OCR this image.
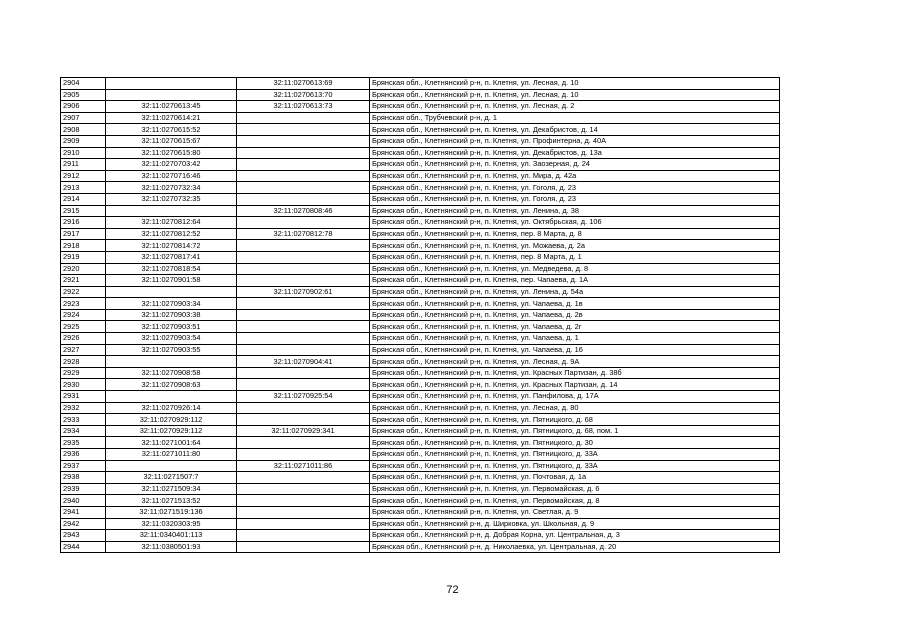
2904		32:11:0270613:69	Брянская обл., Клетнянский р-н, п. Клетня, ул. Лесная, д. 10
2905		32:11:0270613:70	Брянская обл., Клетнянский р-н, п. Клетня, ул. Лесная, д. 10
2906	32:11:0270613:45	32:11:0270613:73	Брянская обл., Клетнянский р-н, п. Клетня, ул. Лесная, д. 2
2907	32:11:0270614:21		Брянская обл., Трубчевский р-н, д. 1
2908	32:11:0270615:52		Брянская обл., Клетнянский р-н, п. Клетня, ул. Декабристов, д. 14
2909	32:11:0270615:67		Брянская обл., Клетнянский р-н, п. Клетня, ул. Профинтерна, д. 40А
2910	32:11:0270615:80		Брянская обл., Клетнянский р-н, п. Клетня, ул. Декабристов, д. 13а
2911	32:11:0270703:42		Брянская обл., Клетнянский р-н, п. Клетня, ул. Заозерная, д. 24
2912	32:11:0270716:46		Брянская обл., Клетнянский р-н, п. Клетня, ул. Мира, д. 42а
2913	32:11:0270732:34		Брянская обл., Клетнянский р-н, п. Клетня, ул. Гоголя, д. 23
2914	32:11:0270732:35		Брянская обл., Клетнянский р-н, п. Клетня, ул. Гоголя, д. 23
2915		32:11:0270808:46	Брянская обл., Клетнянский р-н, п. Клетня, ул. Ленина, д. 38
2916	32:11:0270812:64		Брянская обл., Клетнянский р-н, п. Клетня, ул. Октябрьская, д. 106
2917	32:11:0270812:52	32:11:0270812:78	Брянская обл., Клетнянский р-н, п. Клетня, пер. 8 Марта, д. 8
2918	32:11:0270814:72		Брянская обл., Клетнянский р-н, п. Клетня, ул. Можаева, д. 2а
2919	32:11:0270817:41		Брянская обл., Клетнянский р-н, п. Клетня, пер. 8 Марта, д. 1
2920	32:11:0270818:54		Брянская обл., Клетнянский р-н, п. Клетня, ул. Медведева, д. 8
2921	32:11:0270901:58		Брянская обл., Клетнянский р-н, п. Клетня, пер. Чапаева, д. 1А
2922		32:11:0270902:61	Брянская обл., Клетнянский р-н, п. Клетня, ул. Ленина, д. 54а
2923	32:11:0270903:34		Брянская обл., Клетнянский р-н, п. Клетня, ул. Чапаева, д. 1в
2924	32:11:0270903:38		Брянская обл., Клетнянский р-н, п. Клетня, ул. Чапаева, д. 2в
2925	32:11:0270903:51		Брянская обл., Клетнянский р-н, п. Клетня, ул. Чапаева, д. 2г
2926	32:11:0270903:54		Брянская обл., Клетнянский р-н, п. Клетня, ул. Чапаева, д. 1
2927	32:11:0270903:55		Брянская обл., Клетнянский р-н, п. Клетня, ул. Чапаева, д. 16
2928		32:11:0270904:41	Брянская обл., Клетнянский р-н, п. Клетня, ул. Лесная, д. 9А
2929	32:11:0270908:58		Брянская обл., Клетнянский р-н, п. Клетня, ул. Красных Партизан, д. 38б
2930	32:11:0270908:63		Брянская обл., Клетнянский р-н, п. Клетня, ул. Красных Партизан, д. 14
2931		32:11:0270925:54	Брянская обл., Клетнянский р-н, п. Клетня, ул. Панфилова, д. 17А
2932	32:11:0270926:14		Брянская обл., Клетнянский р-н, п. Клетня, ул. Лесная, д. 80
2933	32:11:0270929:112		Брянская обл., Клетнянский р-н, п. Клетня, ул. Пятницкого, д. 68
2934	32:11:0270929:112	32:11:0270929:341	Брянская обл., Клетнянский р-н, п. Клетня, ул. Пятницкого, д. 68, пом. 1
2935	32:11:0271001:64		Брянская обл., Клетнянский р-н, п. Клетня, ул. Пятницкого, д. 30
2936	32:11:0271011:80		Брянская обл., Клетнянский р-н, п. Клетня, ул. Пятницкого, д. 33А
2937		32:11:0271011:86	Брянская обл., Клетнянский р-н, п. Клетня, ул. Пятницкого, д. 33А
2938	32:11:0271507:7		Брянская обл., Клетнянский р-н, п. Клетня, ул. Почтовая, д. 1а
2939	32:11:0271509:34		Брянская обл., Клетнянский р-н, п. Клетня, ул. Первомайская, д. 6
2940	32:11:0271513:52		Брянская обл., Клетнянский р-н, п. Клетня, ул. Первомайская, д. 8
2941	32:11:0271519:136		Брянская обл., Клетнянский р-н, п. Клетня, ул. Светлая, д. 9
2942	32:11:0320303:95		Брянская обл., Клетнянский р-н, д. Ширковка, ул. Школьная, д. 9
2943	32:11:0340401:113		Брянская обл., Клетнянский р-н, д. Добрая Корна, ул. Центральная, д. 3
2944	32:11:0380501:93		Брянская обл., Клетнянский р-н, д. Николаевка, ул. Центральная, д. 20
72
